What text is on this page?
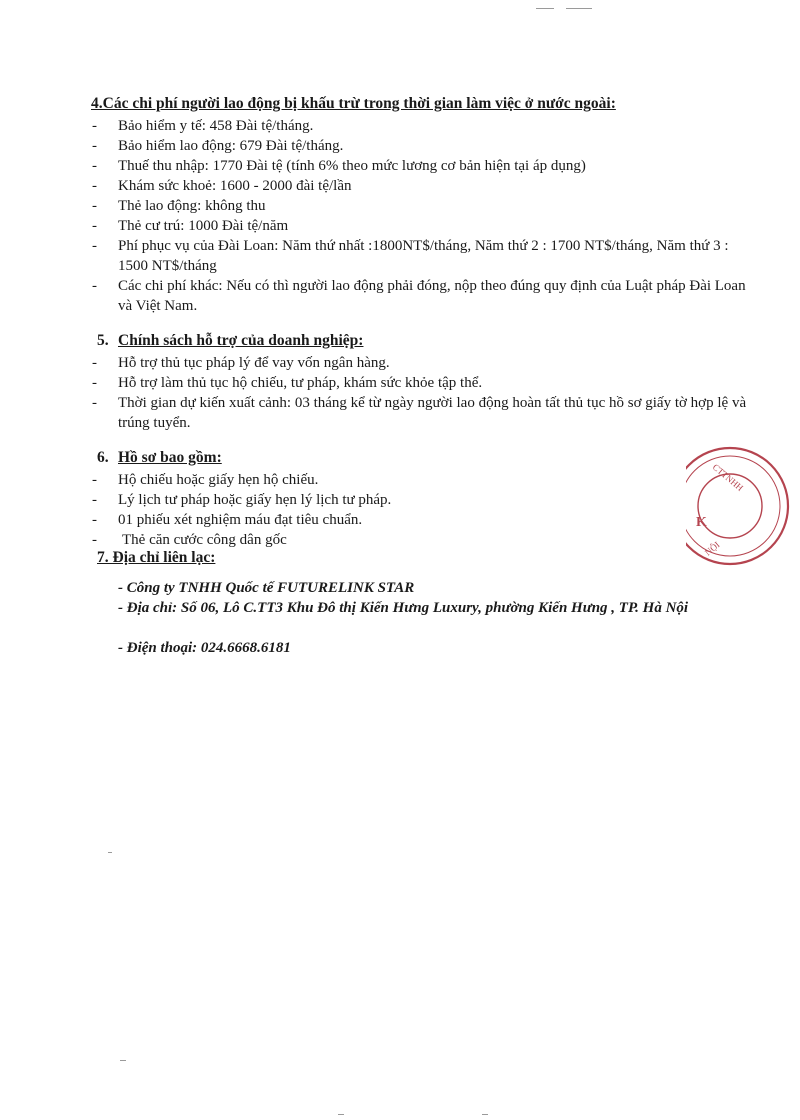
4.Các chi phí người lao động bị khấu trừ trong thời gian làm việc ở nước ngoài:
-	Bảo hiểm y tế: 458 Đài tệ/tháng.
-	Bảo hiểm lao động: 679 Đài tệ/tháng.
-	Thuế thu nhập: 1770 Đài tệ (tính 6% theo mức lương cơ bản hiện tại áp dụng)
-	Khám sức khoẻ: 1600 - 2000 đài tệ/lần
-	Thẻ lao động: không thu
-	Thẻ cư trú: 1000 Đài tệ/năm
-	Phí phục vụ của Đài Loan: Năm thứ nhất :1800NT$/tháng, Năm thứ 2 : 1700 NT$/tháng, Năm thứ 3 : 1500 NT$/tháng
-	Các chi phí khác: Nếu có thì người lao động phải đóng, nộp theo đúng quy định của Luật pháp Đài Loan và Việt Nam.
5. Chính sách hỗ trợ của doanh nghiệp:
-	Hỗ trợ thủ tục pháp lý để vay vốn ngân hàng.
-	Hỗ trợ làm thủ tục hộ chiếu, tư pháp, khám sức khỏe tập thể.
-	Thời gian dự kiến xuất cảnh: 03 tháng kể từ ngày người lao động hoàn tất thủ tục hồ sơ giấy tờ hợp lệ và trúng tuyển.
6. Hồ sơ bao gồm:
-	Hộ chiếu hoặc giấy hẹn hộ chiếu.
-	Lý lịch tư pháp hoặc giấy hẹn lý lịch tư pháp.
-	01 phiếu xét nghiệm máu đạt tiêu chuẩn.
-	Thẻ căn cước công dân gốc
7. Địa chỉ liên lạc:
- Công ty TNHH Quốc tế FUTURELINK STAR
- Địa chỉ: Số 06, Lô C.TT3 Khu Đô thị Kiến Hưng Luxury, phường Kiến Hưng , TP. Hà Nội
- Điện thoại: 024.6668.6181
CTTNHH
K
NỘI
